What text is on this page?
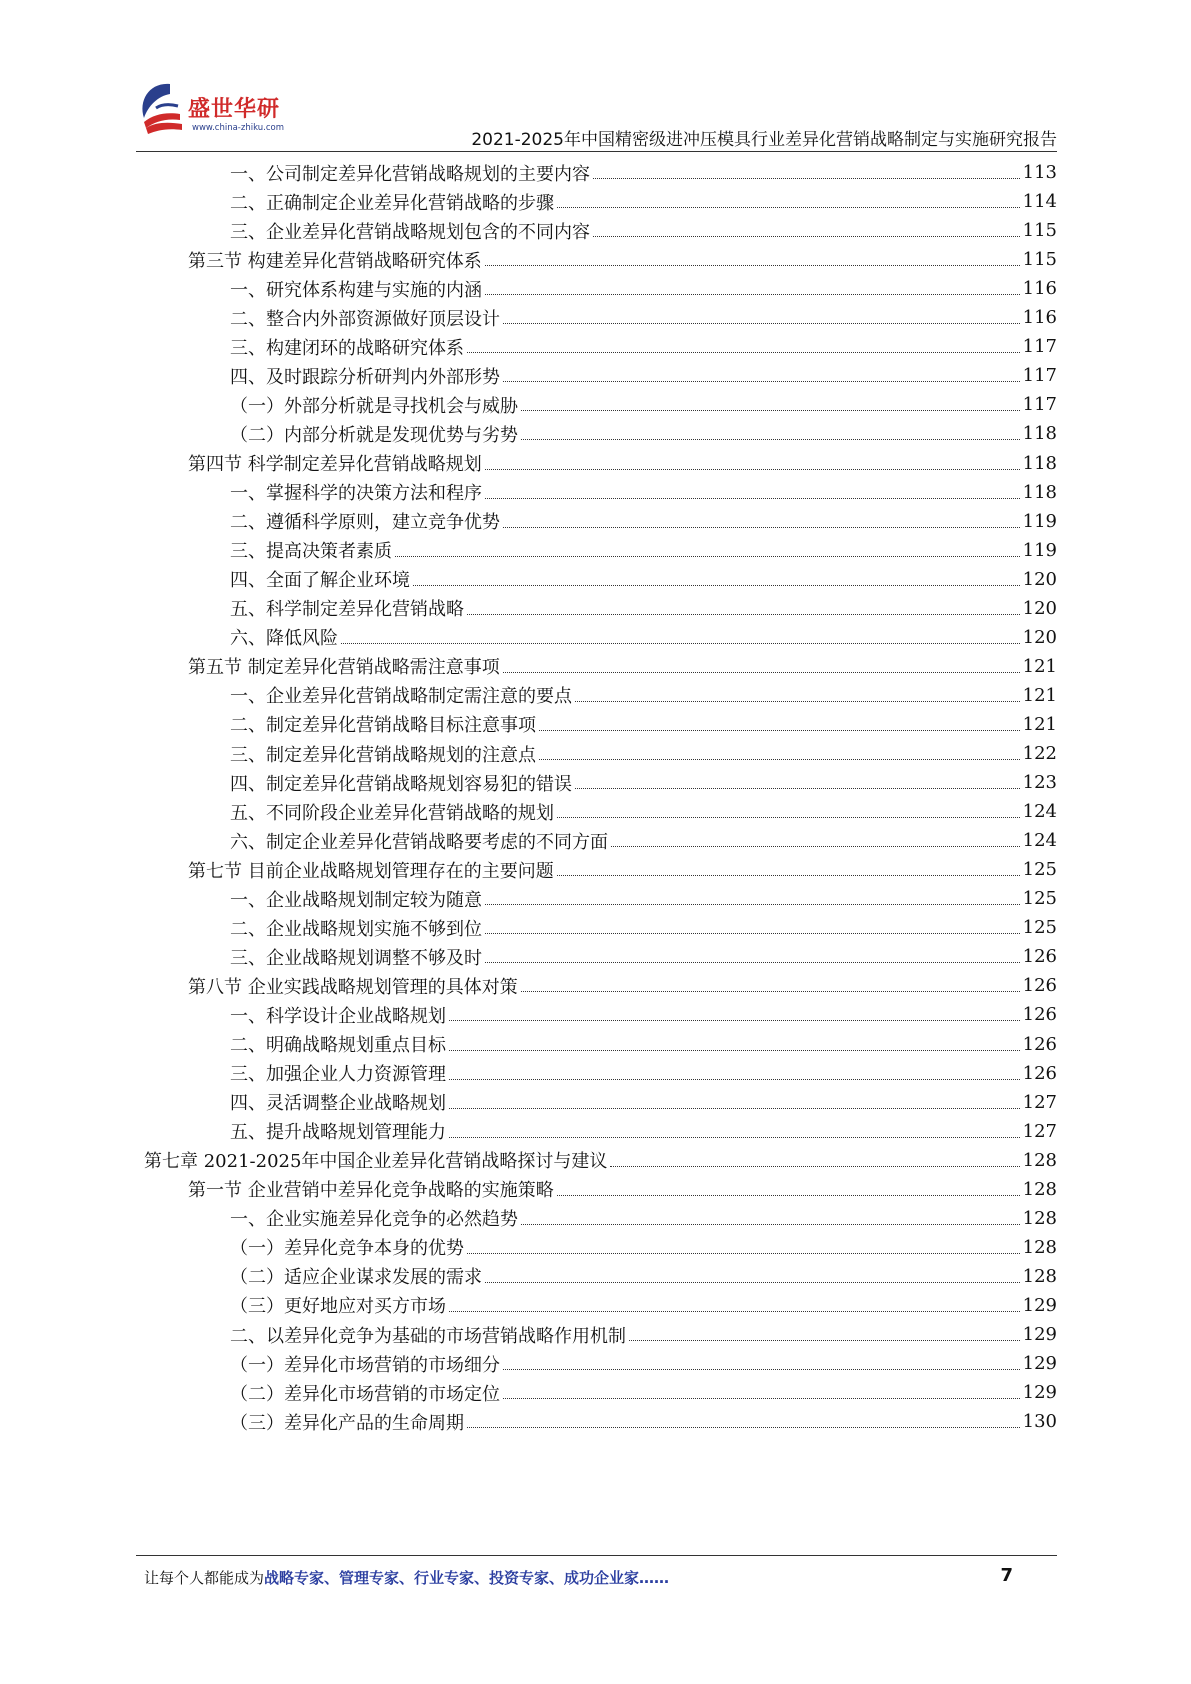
盛世华研
www.china-zhiku.com
2021-2025年中国精密级进冲压模具行业差异化营销战略制定与实施研究报告
一、公司制定差异化营销战略规划的主要内容	113
二、正确制定企业差异化营销战略的步骤	114
三、企业差异化营销战略规划包含的不同内容	115
第三节 构建差异化营销战略研究体系	115
一、研究体系构建与实施的内涵	116
二、整合内外部资源做好顶层设计	116
三、构建闭环的战略研究体系	117
四、及时跟踪分析研判内外部形势	117
（一）外部分析就是寻找机会与威胁	117
（二）内部分析就是发现优势与劣势	118
第四节 科学制定差异化营销战略规划	118
一、掌握科学的决策方法和程序	118
二、遵循科学原则，建立竞争优势	119
三、提高决策者素质	119
四、全面了解企业环境	120
五、科学制定差异化营销战略	120
六、降低风险	120
第五节 制定差异化营销战略需注意事项	121
一、企业差异化营销战略制定需注意的要点	121
二、制定差异化营销战略目标注意事项	121
三、制定差异化营销战略规划的注意点	122
四、制定差异化营销战略规划容易犯的错误	123
五、不同阶段企业差异化营销战略的规划	124
六、制定企业差异化营销战略要考虑的不同方面	124
第七节 目前企业战略规划管理存在的主要问题	125
一、企业战略规划制定较为随意	125
二、企业战略规划实施不够到位	125
三、企业战略规划调整不够及时	126
第八节 企业实践战略规划管理的具体对策	126
一、科学设计企业战略规划	126
二、明确战略规划重点目标	126
三、加强企业人力资源管理	126
四、灵活调整企业战略规划	127
五、提升战略规划管理能力	127
第七章 2021-2025年中国企业差异化营销战略探讨与建议	128
第一节 企业营销中差异化竞争战略的实施策略	128
一、企业实施差异化竞争的必然趋势	128
（一）差异化竞争本身的优势	128
（二）适应企业谋求发展的需求	128
（三）更好地应对买方市场	129
二、以差异化竞争为基础的市场营销战略作用机制	129
（一）差异化市场营销的市场细分	129
（二）差异化市场营销的市场定位	129
（三）差异化产品的生命周期	130
让每个人都能成为战略专家、管理专家、行业专家、投资专家、成功企业家……	7
